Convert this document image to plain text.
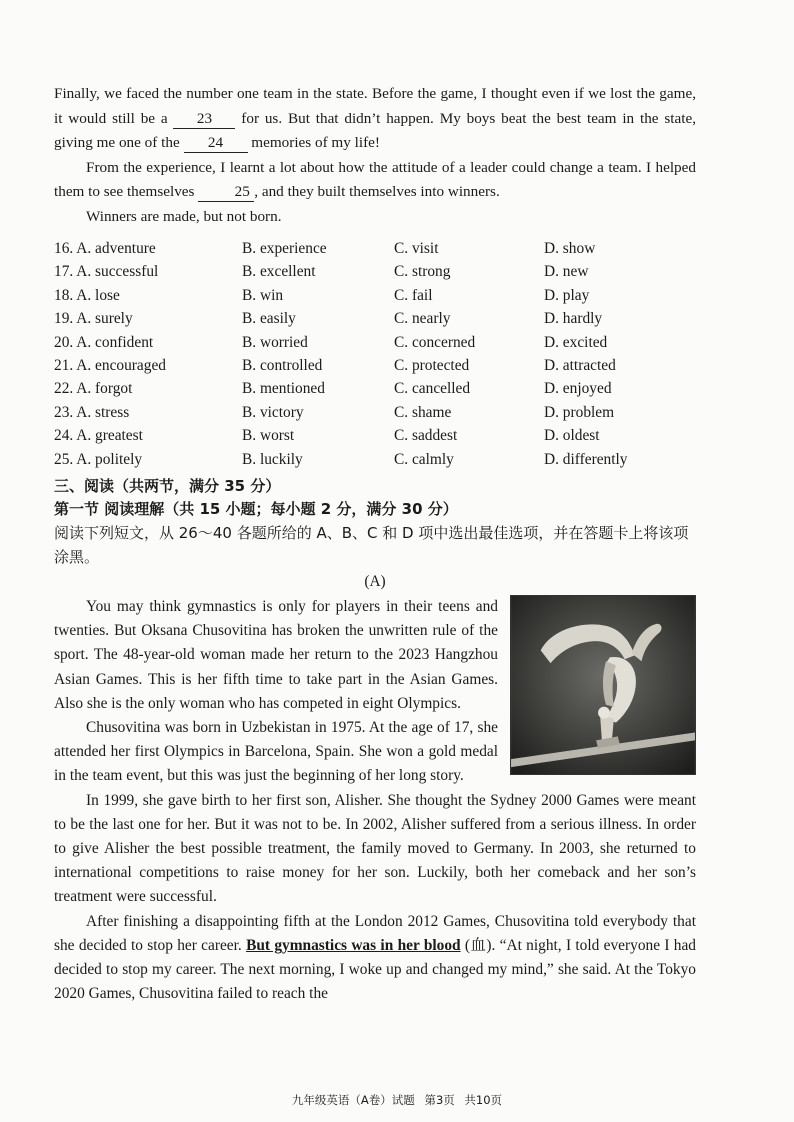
Finally, we faced the number one team in the state. Before the game, I thought even if we lost the game, it would still be a 23 for us. But that didn’t happen. My boys beat the best team in the state, giving me one of the 24 memories of my life!

From the experience, I learnt a lot about how the attitude of a leader could change a team. I helped them to see themselves 25 , and they built themselves into winners.

Winners are made, but not born.

16. A. adventure	B. experience	C. visit	D. show
17. A. successful	B. excellent	C. strong	D. new
18. A. lose	B. win	C. fail	D. play
19. A. surely	B. easily	C. nearly	D. hardly
20. A. confident	B. worried	C. concerned	D. excited
21. A. encouraged	B. controlled	C. protected	D. attracted
22. A. forgot	B. mentioned	C. cancelled	D. enjoyed
23. A. stress	B. victory	C. shame	D. problem
24. A. greatest	B. worst	C. saddest	D. oldest
25. A. politely	B. luckily	C. calmly	D. differently

三、阅读（共两节，满分 35 分）

第一节 阅读理解（共 15 小题；每小题 2 分，满分 30 分）

阅读下列短文，从 26～40 各题所给的 A、B、C 和 D 项中选出最佳选项，并在答题卡上将该项涂黑。

(A)

You may think gymnastics is only for players in their teens and twenties. But Oksana Chusovitina has broken the unwritten rule of the sport. The 48-year-old woman made her return to the 2023 Hangzhou Asian Games. This is her fifth time to take part in the Asian Games. Also she is the only woman who has competed in eight Olympics.

Chusovitina was born in Uzbekistan in 1975. At the age of 17, she attended her first Olympics in Barcelona, Spain. She won a gold medal in the team event, but this was just the beginning of her long story.

In 1999, she gave birth to her first son, Alisher. She thought the Sydney 2000 Games were meant to be the last one for her. But it was not to be. In 2002, Alisher suffered from a serious illness. In order to give Alisher the best possible treatment, the family moved to Germany. In 2003, she returned to international competitions to raise money for her son. Luckily, both her comeback and her son’s treatment were successful.

After finishing a disappointing fifth at the London 2012 Games, Chusovitina told everybody that she decided to stop her career. But gymnastics was in her blood (血). “At night, I told everyone I had decided to stop my career. The next morning, I woke up and changed my mind,” she said. At the Tokyo 2020 Games, Chusovitina failed to reach the

九年级英语（A卷）试题 第3页 共10页
